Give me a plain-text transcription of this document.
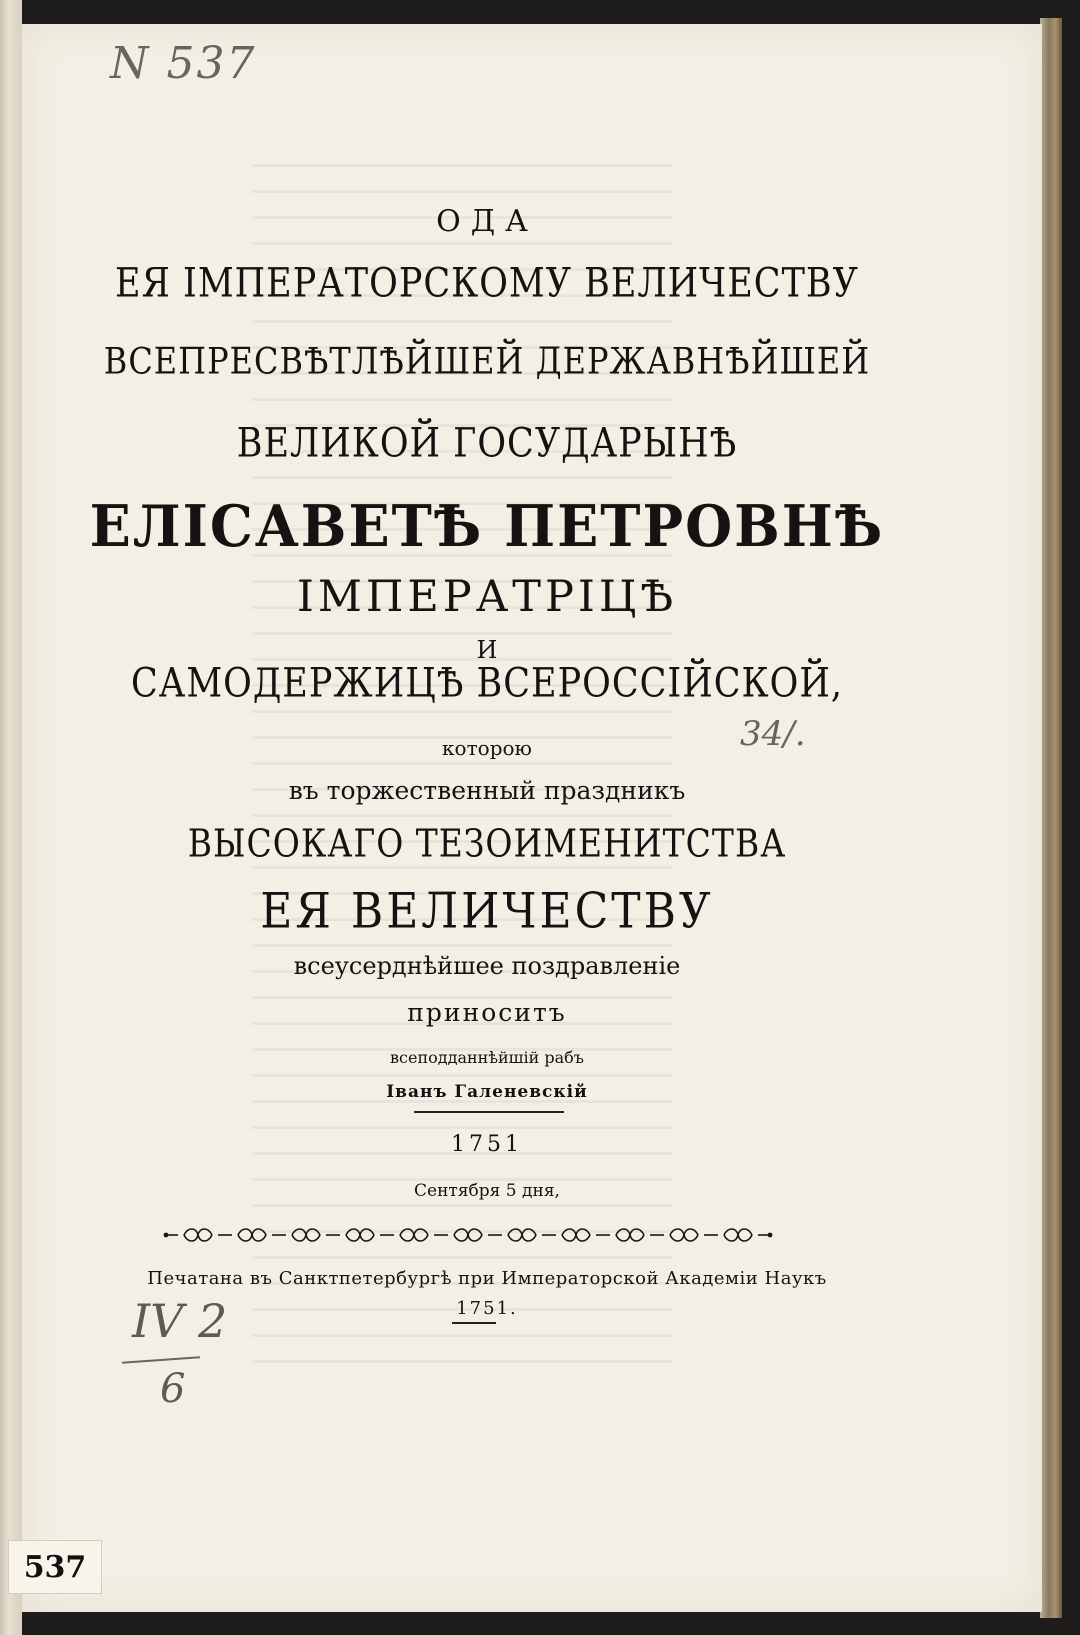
N 537
34/.
IV 2
6
ОДА
ЕЯ ІМПЕРАТОРСКОМУ ВЕЛИЧЕСТВУ
ВСЕПРЕСВѢТЛѢЙШЕЙ ДЕРЖАВНѢЙШЕЙ
ВЕЛИКОЙ ГОСУДАРЫНѢ
ЕЛІСАВЕТѢ ПЕТРОВНѢ
ІМПЕРАТРІЦѢ
И
САМОДЕРЖИЦѢ ВСЕРОССІЙСКОЙ,
которою
въ торжественный праздникъ
ВЫСОКАГО ТЕЗОИМЕНИТСТВА
ЕЯ ВЕЛИЧЕСТВУ
всеусерднѣйшее поздравленіе
приноситъ
всеподданнѣйшій рабъ
Іванъ Галеневскій
1751
Сентября 5 дня,
Печатана въ Санктпетербургѣ при Императорской Академіи Наукъ
1751.
537
